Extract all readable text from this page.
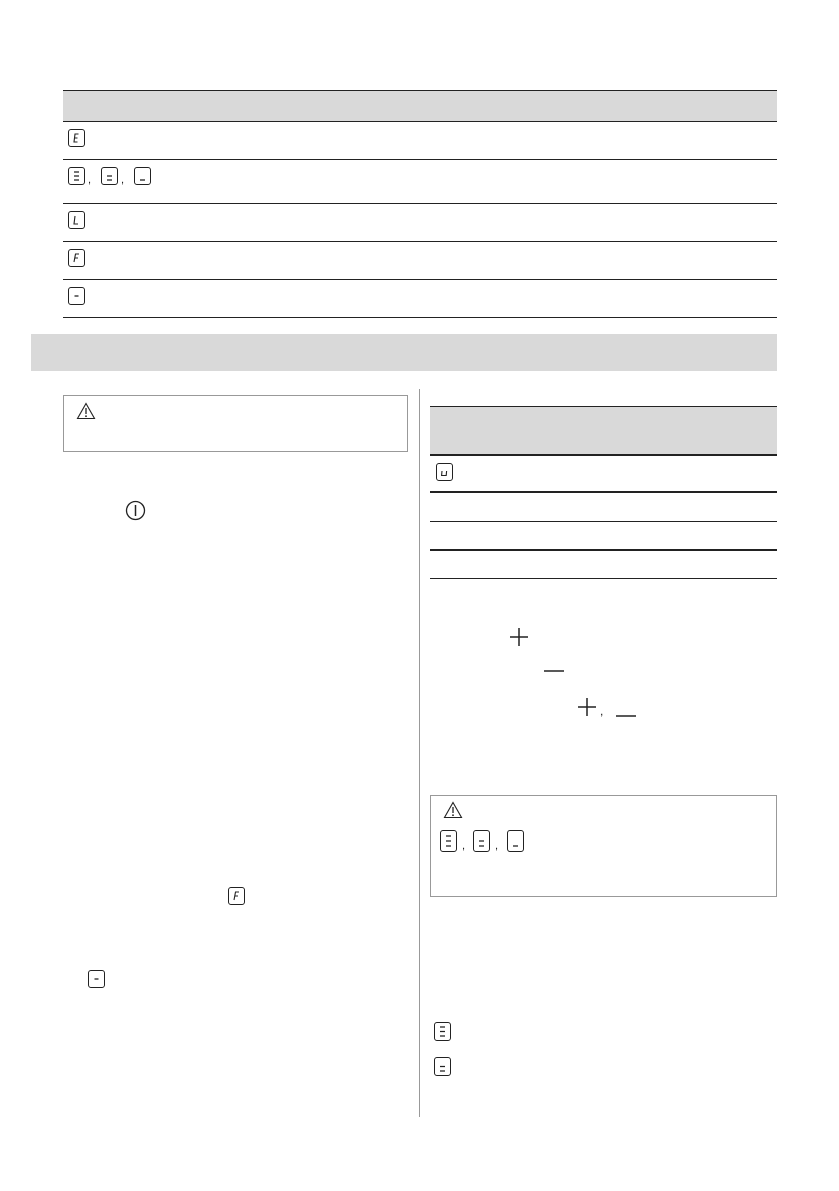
,	,
,
,	,
